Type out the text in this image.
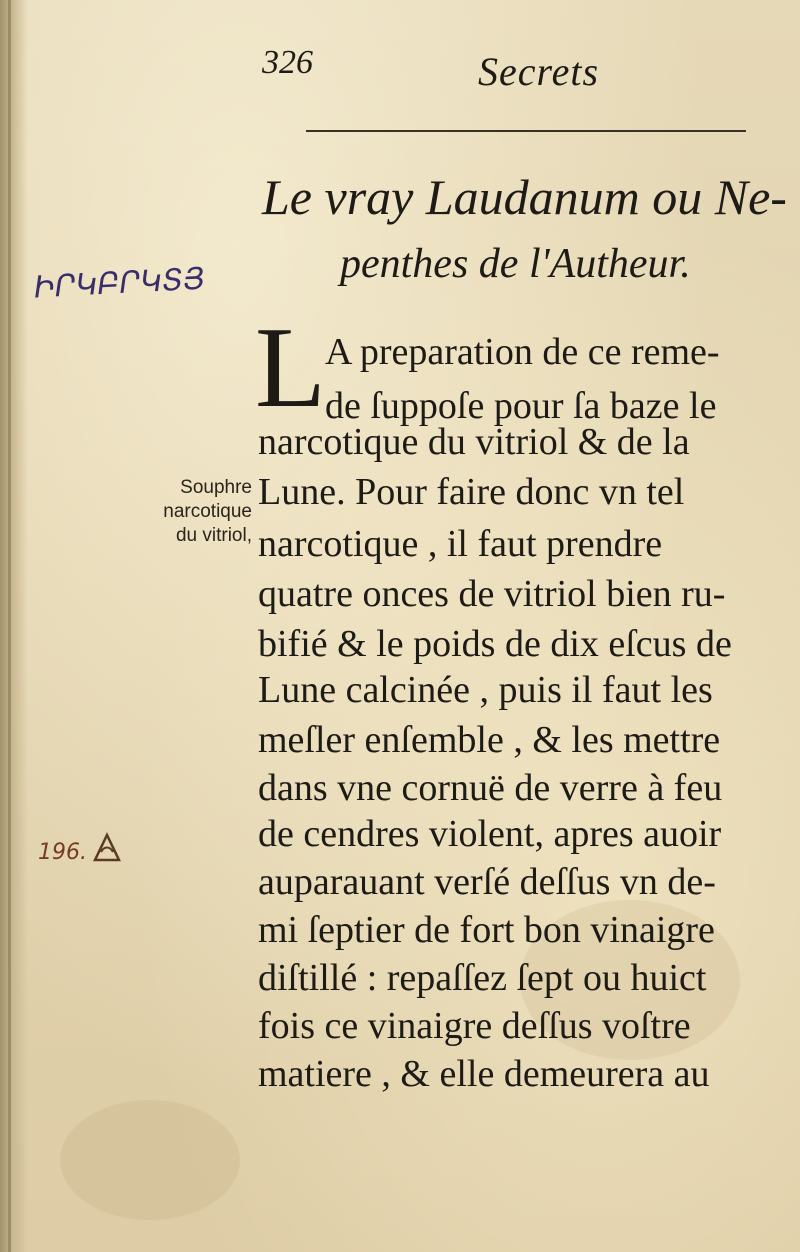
326	Secrets
Le vray Laudanum ou Ne-
penthes de l'Autheur.
L A preparation de ce reme-
de ſuppoſe pour ſa baze le
narcotique du vitriol & de la
Lune. Pour faire donc vn tel
narcotique , il faut prendre
quatre onces de vitriol bien ru-
bifié & le poids de dix eſcus de
Lune calcinée , puis il faut les
meſler enſemble , & les mettre
dans vne cornuë de verre à feu
de cendres violent, apres auoir
auparauant verſé deſſus vn de-
mi ſeptier de fort bon vinaigre
diſtillé : repaſſez ſept ou huict
fois ce vinaigre deſſus voſtre
matiere , & elle demeurera au
Souphre
narcotique
du vitriol,
ԻՐԿԲՐԿՏՅ
196.
